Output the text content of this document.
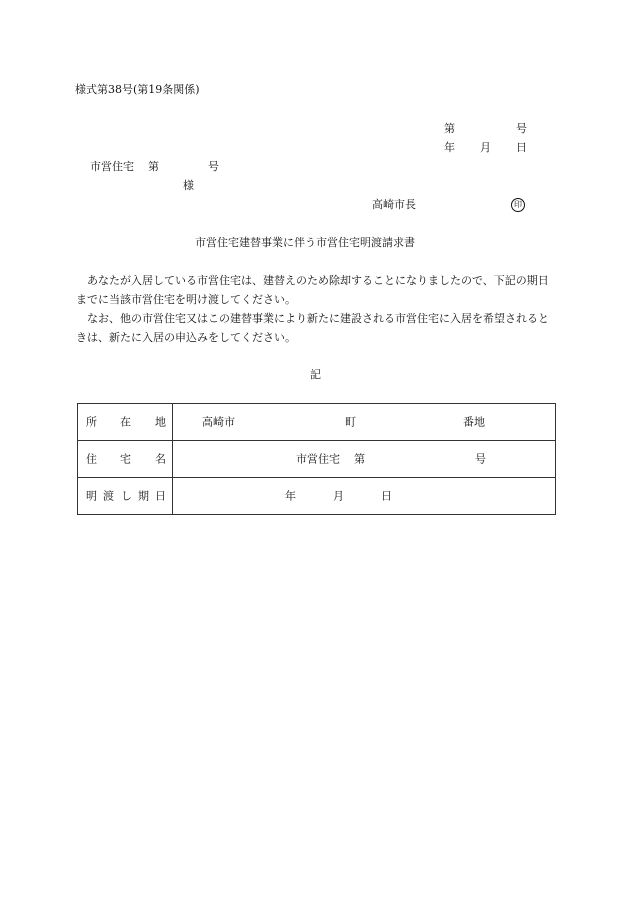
様式第38号(第19条関係)
第	号
年 月 日
市営住宅 第	号
様
高崎市長	印
市営住宅建替事業に伴う市営住宅明渡請求書
あなたが入居している市営住宅は、建替えのため除却することになりましたので、下記の期日までに当該市営住宅を明け渡してください。
なお、他の市営住宅又はこの建替事業により新たに建設される市営住宅に入居を希望されるときは、新たに入居の申込みをしてください。
記
所 在 地	高崎市 町 番地

住 宅 名	市営住宅 第 号

明 渡 し 期 日	年 月 日
